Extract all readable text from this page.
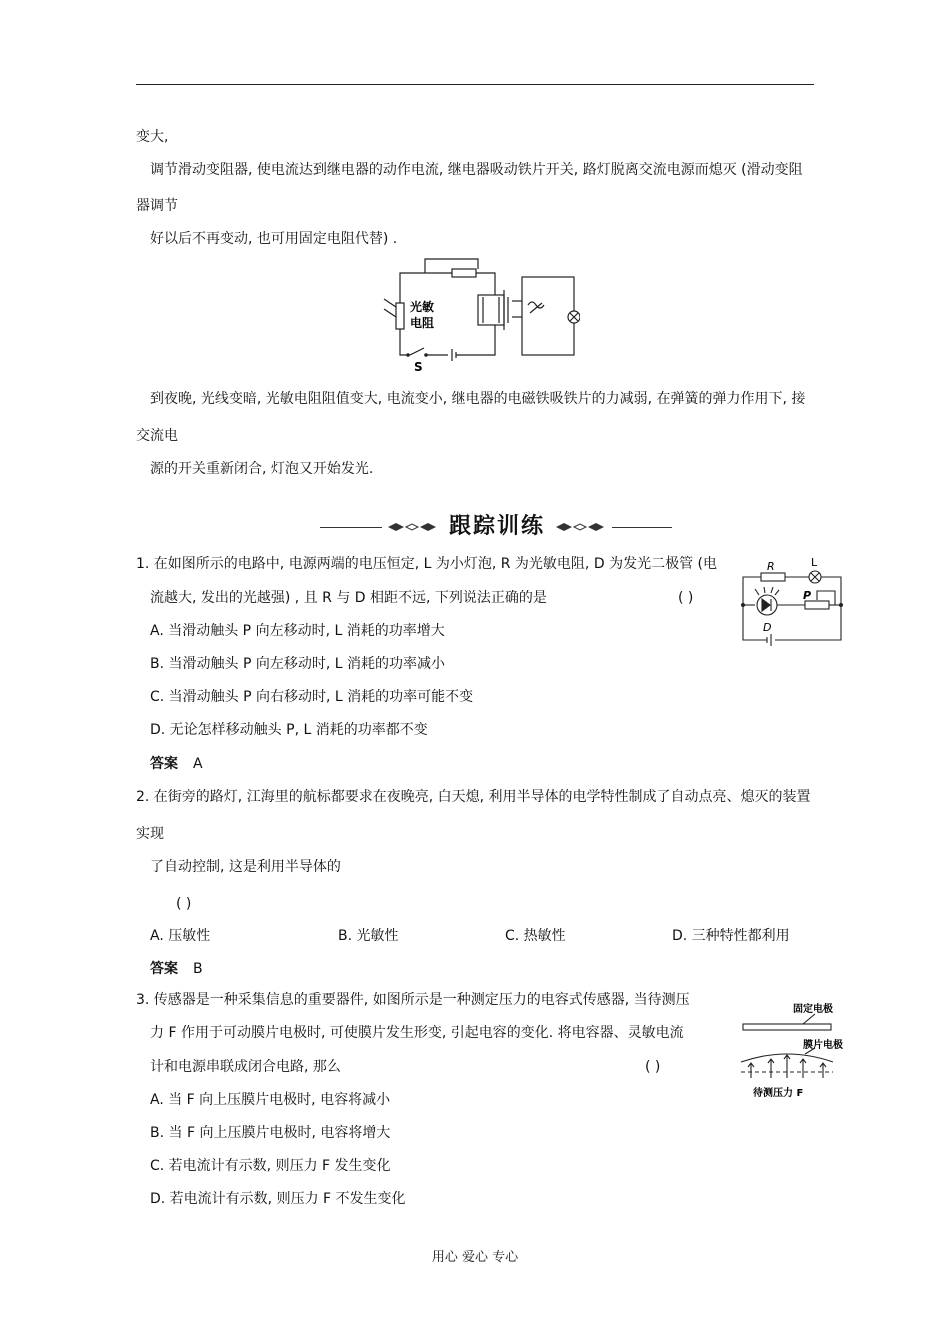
变大,
调节滑动变阻器, 使电流达到继电器的动作电流, 继电器吸动铁片开关, 路灯脱离交流电源而熄灭 (滑动变阻
器调节
好以后不再变动, 也可用固定电阻代替) .
光敏
电阻
S
到夜晚, 光线变暗, 光敏电阻阻值变大, 电流变小, 继电器的电磁铁吸铁片的力减弱, 在弹簧的弹力作用下, 接
交流电
源的开关重新闭合, 灯泡又开始发光.
跟踪训练
1. 在如图所示的电路中, 电源两端的电压恒定, L 为小灯泡, R 为光敏电阻, D 为发光二极管 (电
流越大, 发出的光越强) , 且 R 与 D 相距不远, 下列说法正确的是	( )
A. 当滑动触头 P 向左移动时, L 消耗的功率增大
B. 当滑动触头 P 向左移动时, L 消耗的功率减小
C. 当滑动触头 P 向右移动时, L 消耗的功率可能不变
D. 无论怎样移动触头 P, L 消耗的功率都不变
答案 A
R	L
P
D
2. 在街旁的路灯, 江海里的航标都要求在夜晚亮, 白天熄, 利用半导体的电学特性制成了自动点亮、熄灭的装置
实现
了自动控制, 这是利用半导体的
( )
A. 压敏性	B. 光敏性	C. 热敏性	D. 三种特性都利用
答案 B
3. 传感器是一种采集信息的重要器件, 如图所示是一种测定压力的电容式传感器, 当待测压
力 F 作用于可动膜片电极时, 可使膜片发生形变, 引起电容的变化. 将电容器、灵敏电流
计和电源串联成闭合电路, 那么	( )
A. 当 F 向上压膜片电极时, 电容将减小
B. 当 F 向上压膜片电极时, 电容将增大
C. 若电流计有示数, 则压力 F 发生变化
D. 若电流计有示数, 则压力 F 不发生变化
固定电极
膜片电极
待测压力 F
用心 爱心 专心
